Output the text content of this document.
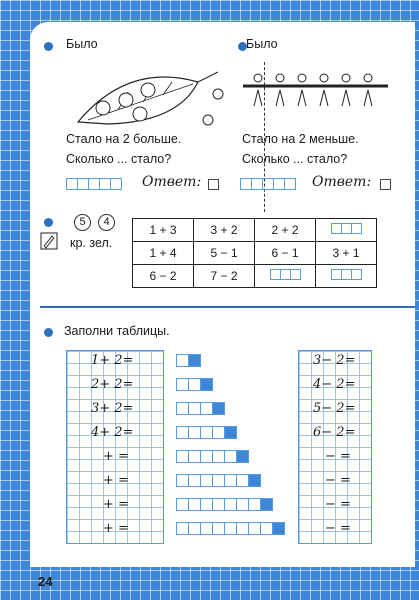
Было
Стало на 2 больше.
Сколько ... стало?
Ответ:
Было
Стало на 2 меньше.
Сколько ... стало?
Ответ:
5	4
кр. зел.
1 + 3	3 + 2	2 + 2	

1 + 4	5 − 1	6 − 1	3 + 1
6 − 2	7 − 2	

Заполни таблицы.
1+ 2=
2+ 2=
3+ 2=
4+ 2=
+ =
+ =
+ =
+ =
3− 2=
4− 2=
5− 2=
6− 2=
− =
− =
− =
− =
24
